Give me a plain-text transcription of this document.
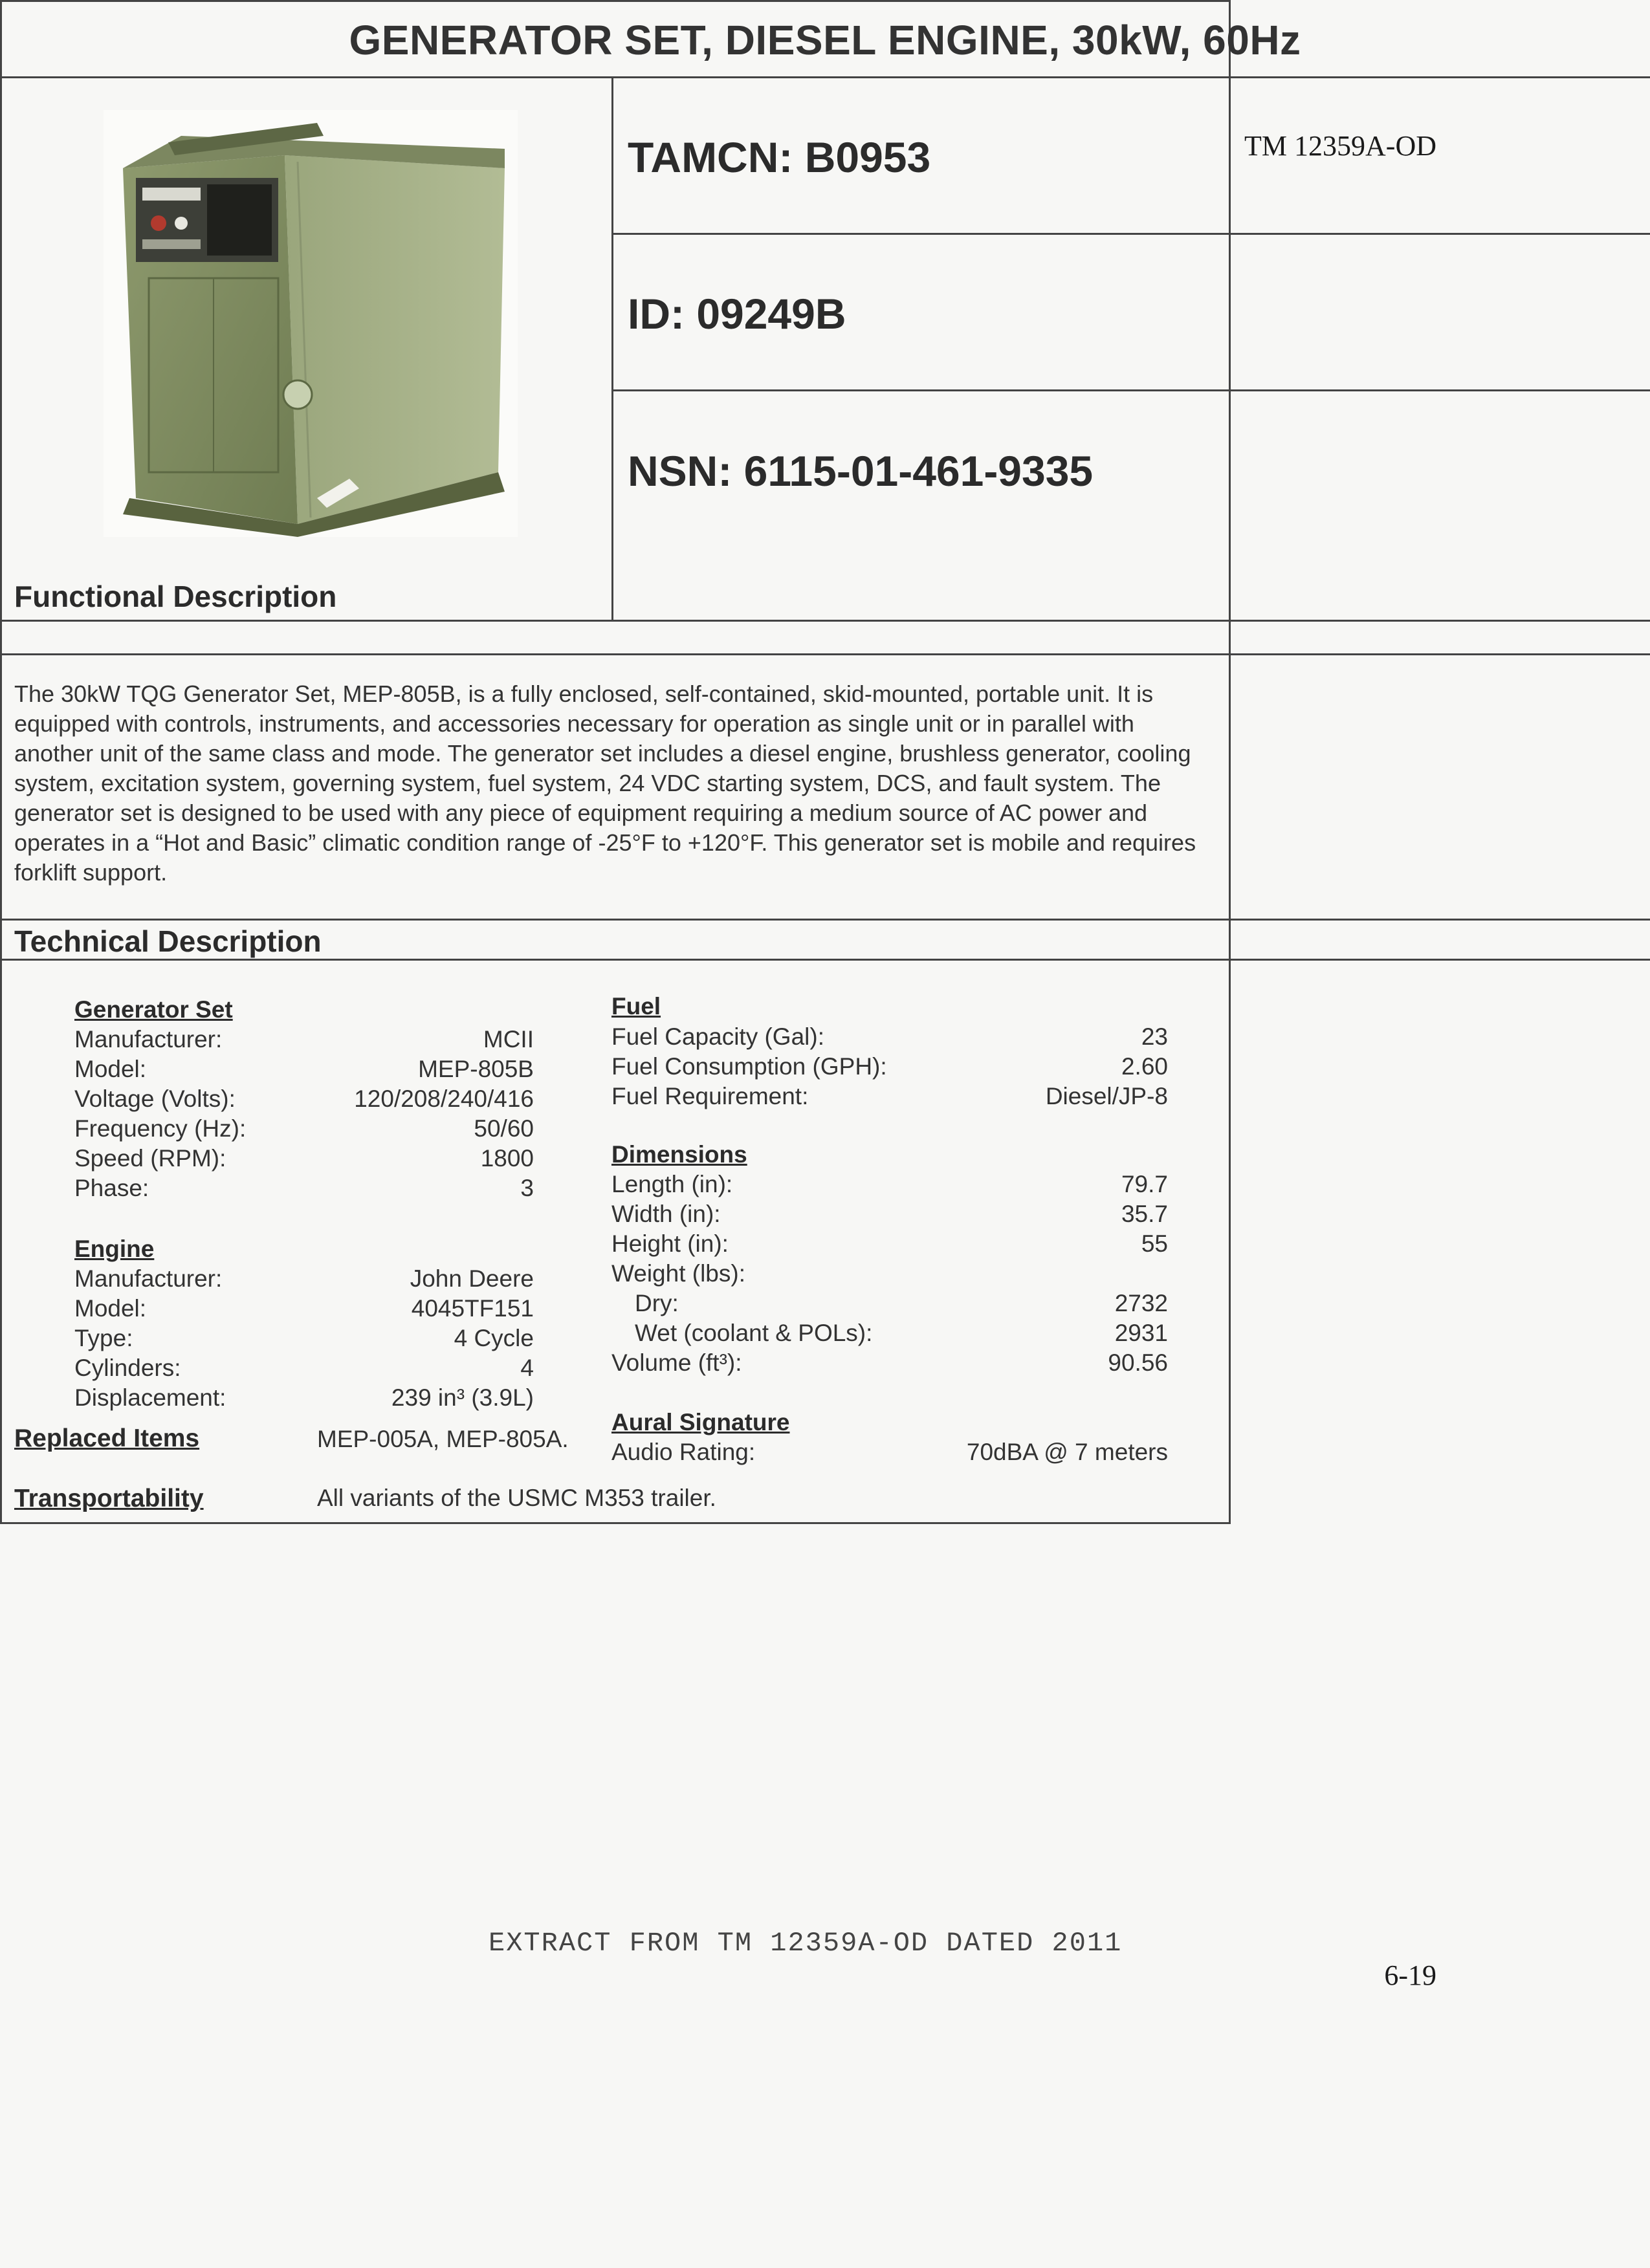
TM 12359A-OD
GENERATOR SET, DIESEL ENGINE, 30kW, 60Hz
TAMCN: B0953
ID: 09249B
NSN: 6115-01-461-9335
Functional Description
The 30kW TQG Generator Set, MEP-805B, is a fully enclosed, self-contained, skid-mounted, portable unit. It is equipped with controls, instruments, and accessories necessary for operation as single unit or in parallel with another unit of the same class and mode. The generator set includes a diesel engine, brushless generator, cooling system, excitation system, governing system, fuel system, 24 VDC starting system, DCS, and fault system. The generator set is designed to be used with any piece of equipment requiring a medium source of AC power and operates in a “Hot and Basic” climatic condition range of -25°F to +120°F. This generator set is mobile and requires forklift support.
Technical Description
Generator Set
Manufacturer:	MCII
Model:	MEP-805B
Voltage (Volts):	120/208/240/416
Frequency (Hz):	50/60
Speed (RPM):	1800
Phase:	3
Engine
Manufacturer:	John Deere
Model:	4045TF151
Type:	4 Cycle
Cylinders:	4
Displacement:	239 in³ (3.9L)
Fuel
Fuel Capacity (Gal):	23
Fuel Consumption (GPH):	2.60
Fuel Requirement:	Diesel/JP-8
Dimensions
Length (in):	79.7
Width (in):	35.7
Height (in):	55
Weight (lbs):
Dry:	2732
Wet (coolant & POLs):	2931
Volume (ft³):	90.56
Aural Signature
Audio Rating:	70dBA @ 7 meters
Replaced Items	MEP-005A, MEP-805A.
Transportability	All variants of the USMC M353 trailer.
EXTRACT FROM TM 12359A-OD DATED 2011
6-19
